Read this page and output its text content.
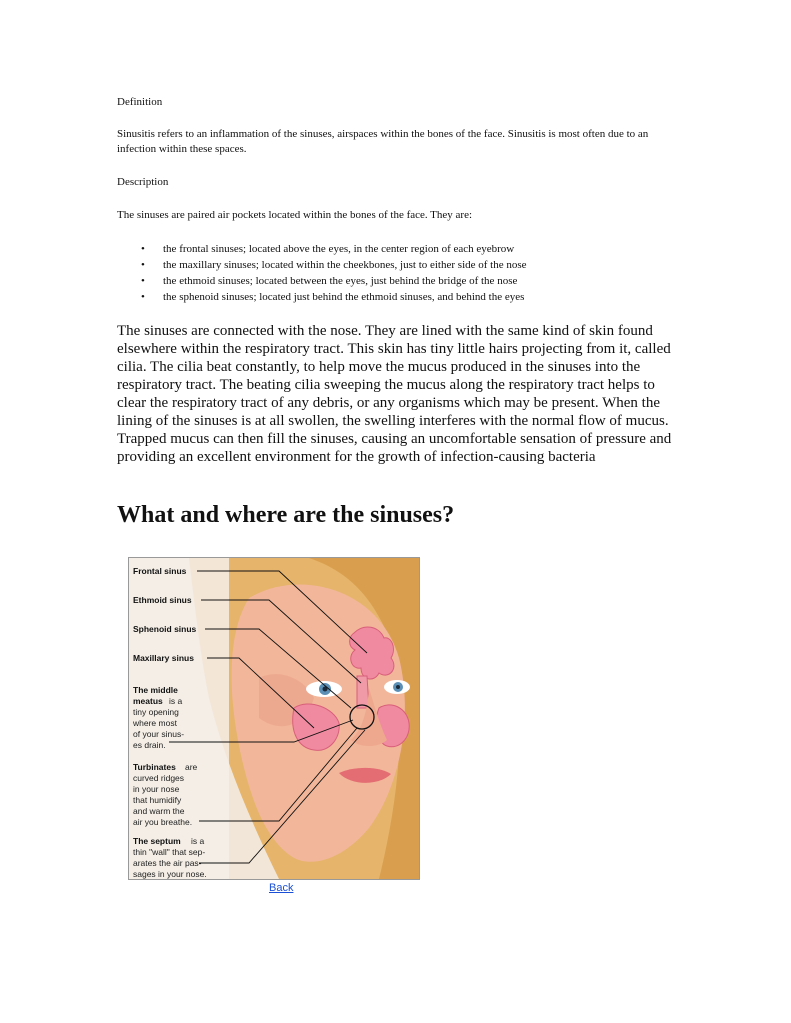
Definition

Sinusitis refers to an inflammation of the sinuses, airspaces within the bones of the face. Sinusitis is most often due to an infection within these spaces.

Description

The sinuses are paired air pockets located within the bones of the face. They are:

• the frontal sinuses; located above the eyes, in the center region of each eyebrow
• the maxillary sinuses; located within the cheekbones, just to either side of the nose
• the ethmoid sinuses; located between the eyes, just behind the bridge of the nose
• the sphenoid sinuses; located just behind the ethmoid sinuses, and behind the eyes

The sinuses are connected with the nose. They are lined with the same kind of skin found elsewhere within the respiratory tract. This skin has tiny little hairs projecting from it, called cilia. The cilia beat constantly, to help move the mucus produced in the sinuses into the respiratory tract. The beating cilia sweeping the mucus along the respiratory tract helps to clear the respiratory tract of any debris, or any organisms which may be present. When the lining of the sinuses is at all swollen, the swelling interferes with the normal flow of mucus. Trapped mucus can then fill the sinuses, causing an uncomfortable sensation of pressure and providing an excellent environment for the growth of infection-causing bacteria

What and where are the sinuses?
Frontal sinus
Ethmoid sinus
Sphenoid sinus
Maxillary sinus
The middle
meatus is a
tiny opening
where most
of your sinus-
es drain.
Turbinates are
curved ridges
in your nose
that humidify
and warm the
air you breathe.
The septum is a
thin "wall" that sep-
arates the air pas-
sages in your nose.
Back
